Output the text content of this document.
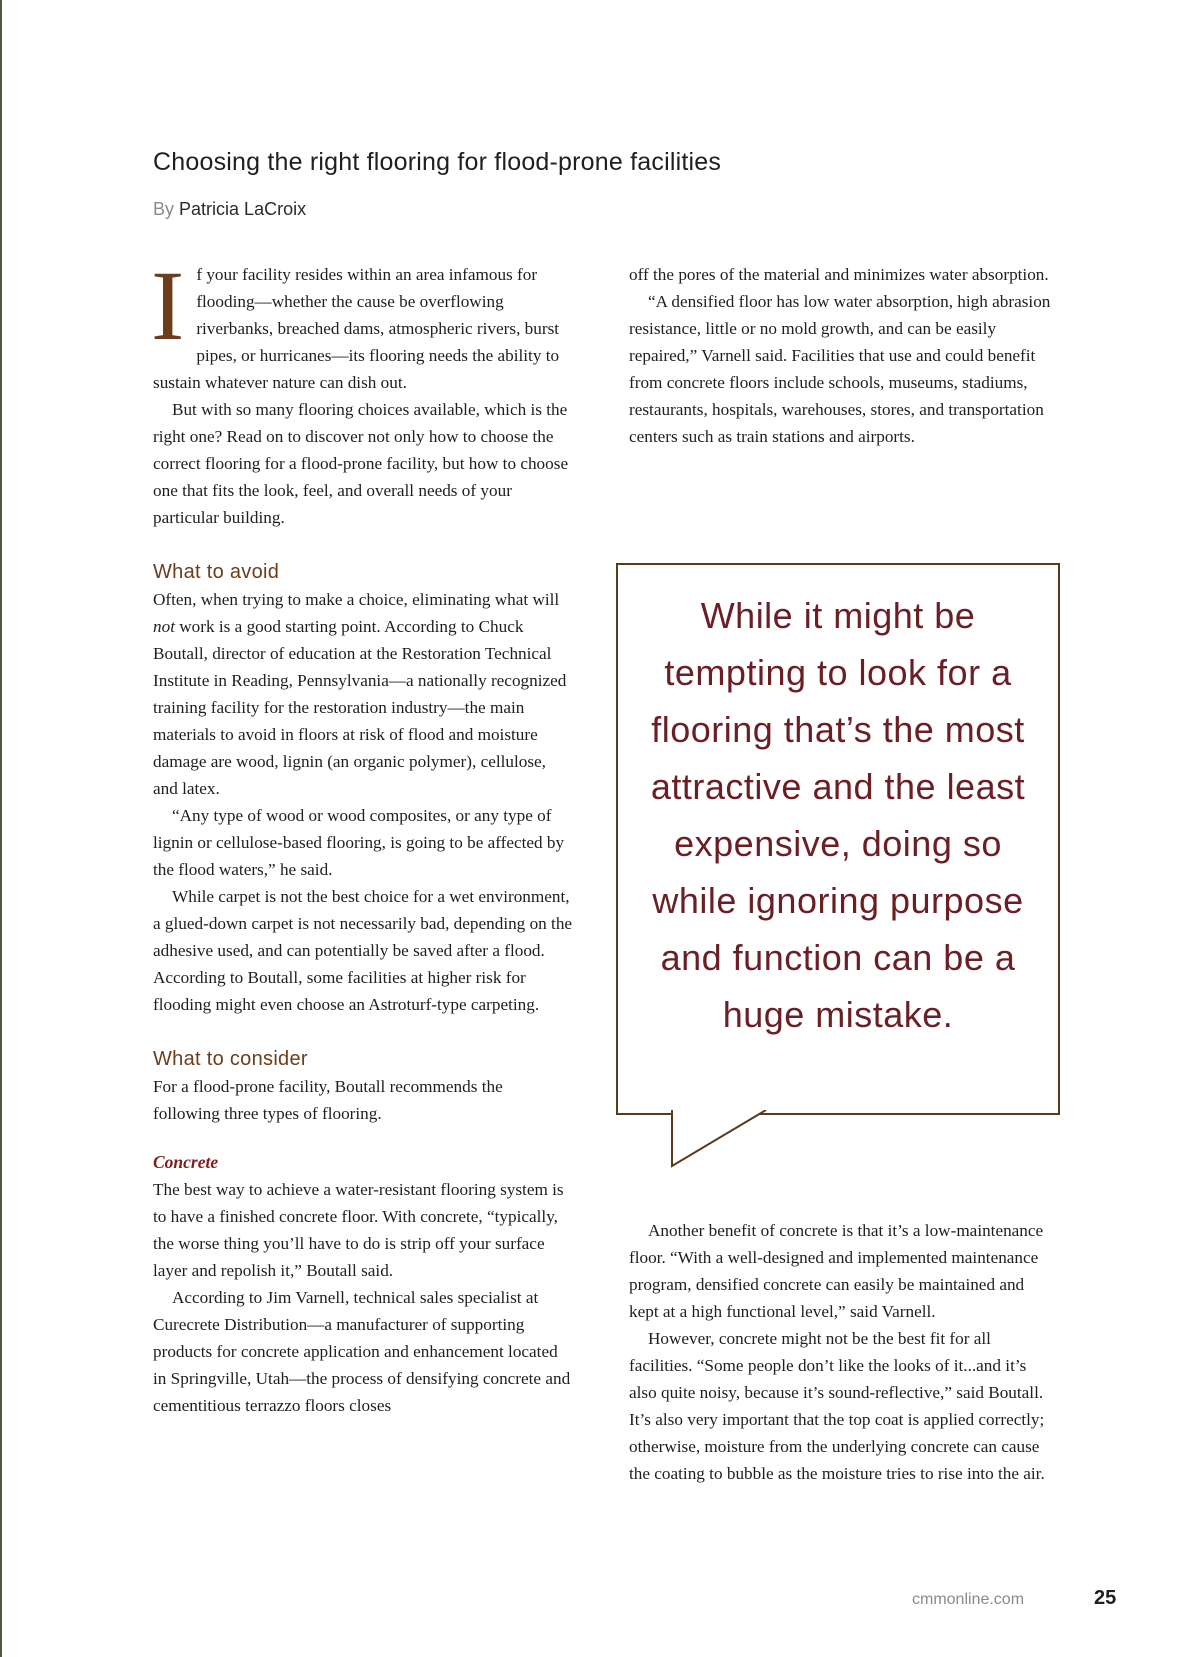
Choosing the right flooring for flood-prone facilities
By Patricia LaCroix

If your facility resides within an area infamous for flooding—whether the cause be overflowing riverbanks, breached dams, atmospheric rivers, burst pipes, or hurricanes—its flooring needs the ability to sustain whatever nature can dish out.

But with so many flooring choices available, which is the right one? Read on to discover not only how to choose the correct flooring for a flood-prone facility, but how to choose one that fits the look, feel, and overall needs of your particular building.

What to avoid

Often, when trying to make a choice, eliminating what will not work is a good starting point. According to Chuck Boutall, director of education at the Restoration Technical Institute in Reading, Pennsylvania—a nationally recognized training facility for the restoration industry—the main materials to avoid in floors at risk of flood and moisture damage are wood, lignin (an organic polymer), cellulose, and latex.

“Any type of wood or wood composites, or any type of lignin or cellulose-based flooring, is going to be affected by the flood waters,” he said.

While carpet is not the best choice for a wet environment, a glued-down carpet is not necessarily bad, depending on the adhesive used, and can potentially be saved after a flood. According to Boutall, some facilities at higher risk for flooding might even choose an Astroturf-type carpeting.

What to consider

For a flood-prone facility, Boutall recommends the following three types of flooring.

Concrete

The best way to achieve a water-resistant flooring system is to have a finished concrete floor. With concrete, “typically, the worse thing you’ll have to do is strip off your surface layer and repolish it,” Boutall said.

According to Jim Varnell, technical sales specialist at Curecrete Distribution—a manufacturer of supporting products for concrete application and enhancement located in Springville, Utah—the process of densifying concrete and cementitious terrazzo floors closes

off the pores of the material and minimizes water absorption.

“A densified floor has low water absorption, high abrasion resistance, little or no mold growth, and can be easily repaired,” Varnell said. Facilities that use and could benefit from concrete floors include schools, museums, stadiums, restaurants, hospitals, warehouses, stores, and transportation centers such as train stations and airports.

While it might be tempting to look for a flooring that’s the most attractive and the least expensive, doing so while ignoring purpose and function can be a huge mistake.

Another benefit of concrete is that it’s a low-maintenance floor. “With a well-designed and implemented maintenance program, densified concrete can easily be maintained and kept at a high functional level,” said Varnell.

However, concrete might not be the best fit for all facilities. “Some people don’t like the looks of it...and it’s also quite noisy, because it’s sound-reflective,” said Boutall. It’s also very important that the top coat is applied correctly; otherwise, moisture from the underlying concrete can cause the coating to bubble as the moisture tries to rise into the air.

cmmonline.com	25
